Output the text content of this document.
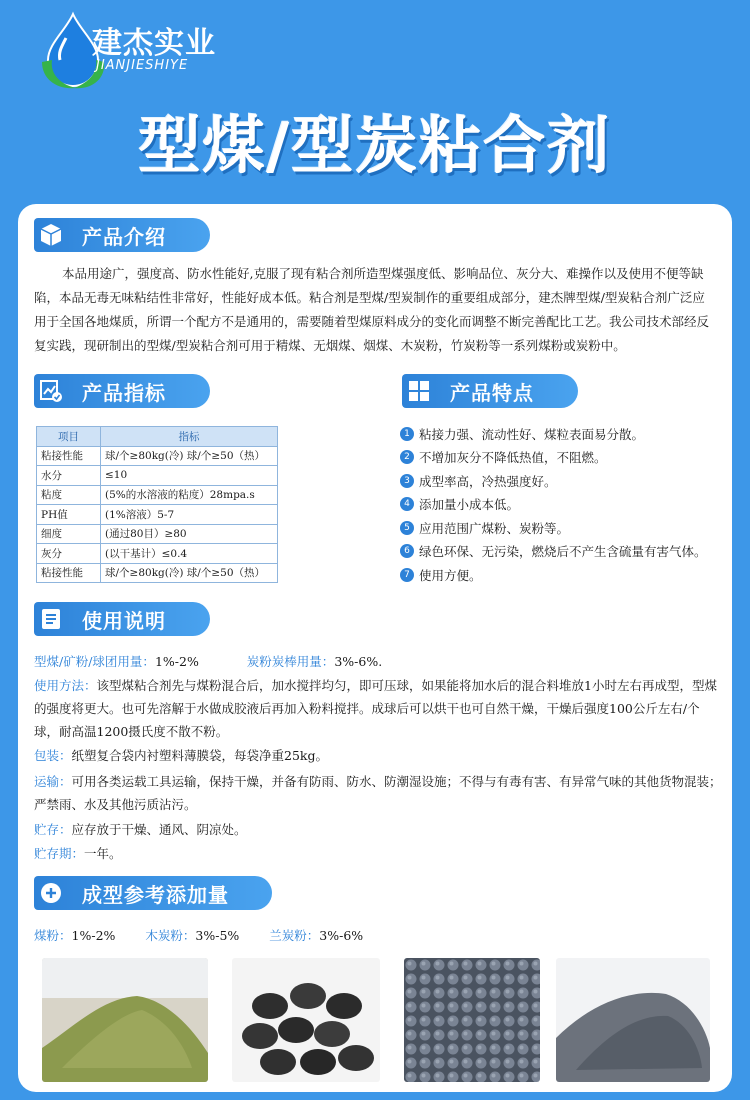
建杰实业
JIANJIESHIYE
型煤/型炭粘合剂
产品介绍

本品用途广，强度高、防水性能好,克服了现有粘合剂所造型煤强度低、影响品位、灰分大、难操作以及使用不便等缺陷，本品无毒无味粘结性非常好，性能好成本低。粘合剂是型煤/型炭制作的重要组成部分，建杰牌型煤/型炭粘合剂广泛应用于全国各地煤质，所谓一个配方不是通用的，需要随着型煤原料成分的变化而调整不断完善配比工艺。我公司技术部经反复实践，现研制出的型煤/型炭粘合剂可用于精煤、无烟煤、烟煤、木炭粉，竹炭粉等一系列煤粉或炭粉中。

产品指标
项目	指标
粘接性能	球/个≥80kg(冷) 球/个≥50（热）
水分	≤10
粘度	(5%的水溶液的粘度）28mpa.s
PH值	(1%溶液）5-7
细度	(通过80目）≥80
灰分	(以干基计）≤0.4
粘接性能	球/个≥80kg(冷) 球/个≥50（热）
产品特点
1 粘接力强、流动性好、煤粒表面易分散。
2 不增加灰分不降低热值，不阻燃。
3 成型率高，冷热强度好。
4 添加量小成本低。
5 应用范围广煤粉、炭粉等。
6 绿色环保、无污染，燃烧后不产生含硫量有害气体。
7 使用方便。
使用说明
型煤/矿粉/球团用量：1%-2%	炭粉炭棒用量：3%-6%.
使用方法：该型煤粘合剂先与煤粉混合后，加水搅拌均匀，即可压球，如果能将加水后的混合料堆放1小时左右再成型，型煤的强度将更大。也可先溶解于水做成胶液后再加入粉料搅拌。成球后可以烘干也可自然干燥，干燥后强度100公斤左右/个球，耐高温1200摄氏度不散不粉。
包装：纸塑复合袋内衬塑料薄膜袋，每袋净重25kg。
运输：可用各类运载工具运输，保持干燥，并备有防雨、防水、防潮湿设施；不得与有毒有害、有异常气味的其他货物混装；严禁雨、水及其他污质沾污。
贮存：应存放于干燥、通风、阴凉处。
贮存期：一年。
成型参考添加量
煤粉：1%-2% 木炭粉：3%-5% 兰炭粉：3%-6%
